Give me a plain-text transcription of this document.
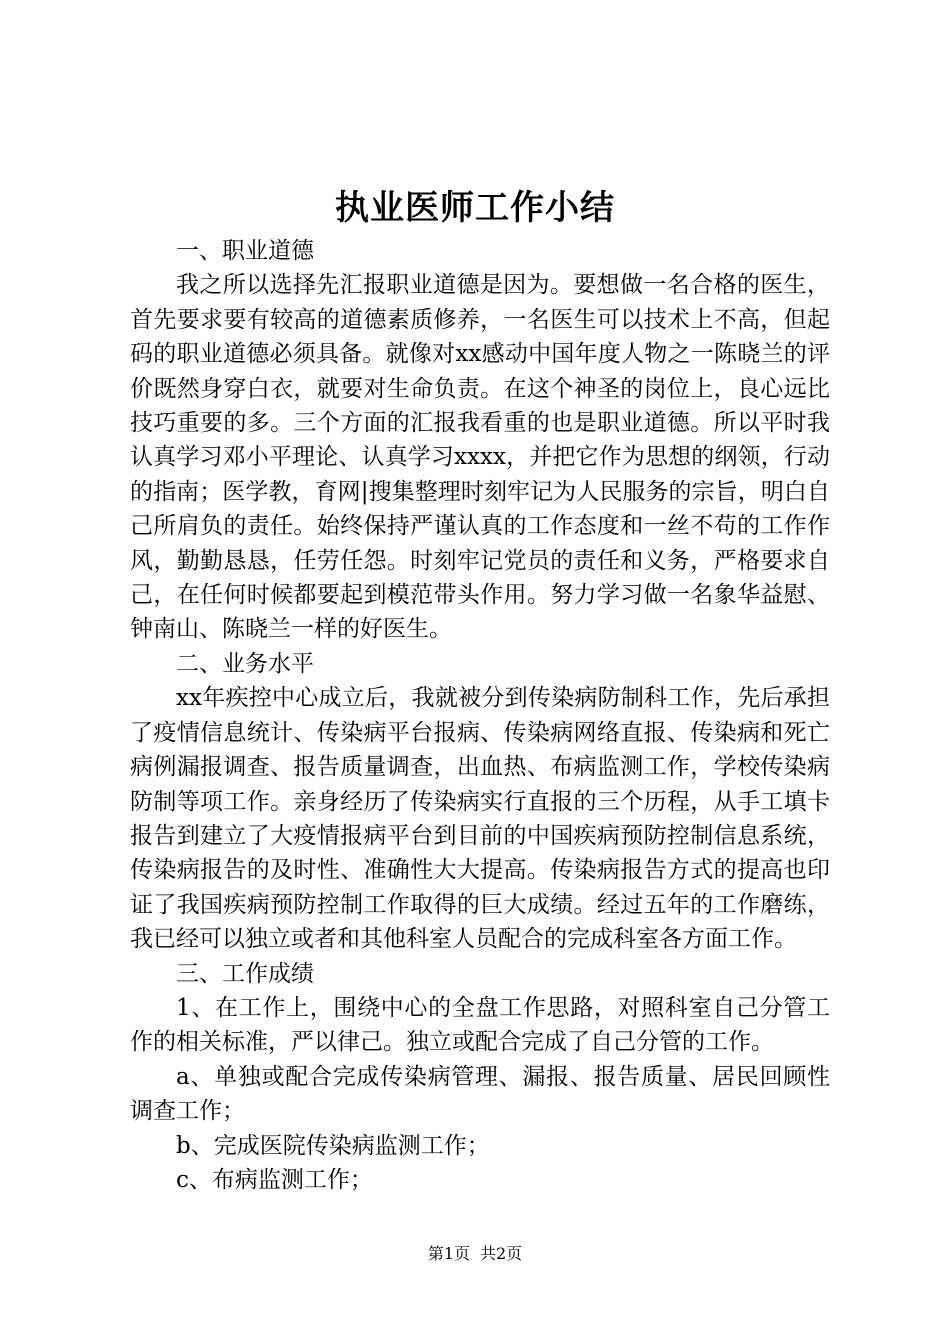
执业医师工作小结

一、职业道德

我之所以选择先汇报职业道德是因为。要想做一名合格的医生，首先要求要有较高的道德素质修养，一名医生可以技术上不高，但起码的职业道德必须具备。就像对xx感动中国年度人物之一陈晓兰的评价既然身穿白衣，就要对生命负责。在这个神圣的岗位上，良心远比技巧重要的多。三个方面的汇报我看重的也是职业道德。所以平时我认真学习邓小平理论、认真学习xxxx，并把它作为思想的纲领，行动的指南；医学教，育网|搜集整理时刻牢记为人民服务的宗旨，明白自己所肩负的责任。始终保持严谨认真的工作态度和一丝不苟的工作作风，勤勤恳恳，任劳任怨。时刻牢记党员的责任和义务，严格要求自己，在任何时候都要起到模范带头作用。努力学习做一名象华益慰、钟南山、陈晓兰一样的好医生。

二、业务水平

xx年疾控中心成立后，我就被分到传染病防制科工作，先后承担了疫情信息统计、传染病平台报病、传染病网络直报、传染病和死亡病例漏报调查、报告质量调查，出血热、布病监测工作，学校传染病防制等项工作。亲身经历了传染病实行直报的三个历程，从手工填卡报告到建立了大疫情报病平台到目前的中国疾病预防控制信息系统，传染病报告的及时性、准确性大大提高。传染病报告方式的提高也印证了我国疾病预防控制工作取得的巨大成绩。经过五年的工作磨练，我已经可以独立或者和其他科室人员配合的完成科室各方面工作。

三、工作成绩

1、在工作上，围绕中心的全盘工作思路，对照科室自己分管工作的相关标准，严以律己。独立或配合完成了自己分管的工作。

a、单独或配合完成传染病管理、漏报、报告质量、居民回顾性调查工作；

b、完成医院传染病监测工作；

c、布病监测工作；

第1页 共2页
